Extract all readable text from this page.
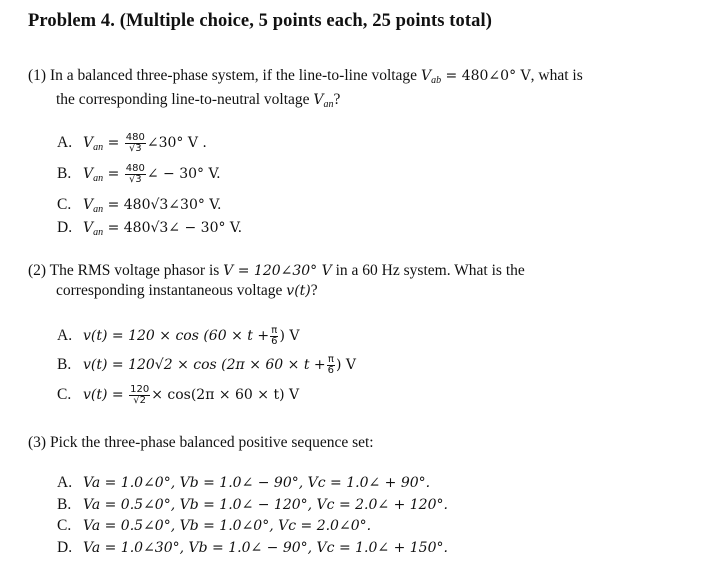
Problem 4. (Multiple choice, 5 points each, 25 points total)
(1) In a balanced three-phase system, if the line-to-line voltage $V_{ab}$ = 480∠0° V, what is
the corresponding line-to-neutral voltage $V_{an}$?
A. $V_{an} = \frac{480}{√3}$ ∠30° V .
B. $V_{an} = \frac{480}{√3}$ ∠ − 30° V.
C. $V_{an}$ = 480√3∠30° V.
D. $V_{an}$ = 480√3∠ − 30° V.
(2) The RMS voltage phasor is V = 120∠30° V in a 60 Hz system. What is the
corresponding instantaneous voltage v(t)?
A. $v(t) = 120 \times \cos (60 \times t + \frac{\pi}{6}$ ) V
B. $v(t) = 120√2 \times \cos (2\pi \times 60 \times t + \frac{\pi}{6}$ ) V
C. $v(t) = \frac{120}{√2} \times \cos(2\pi \times 60 \times t)$ V
(3) Pick the three-phase balanced positive sequence set:
A. Va = 1.0∠0°, Vb = 1.0∠ − 90°, Vc = 1.0∠ + 90°.
B. Va = 0.5∠0°, Vb = 1.0∠ − 120°, Vc = 2.0∠ + 120°.
C. Va = 0.5∠0°, Vb = 1.0∠0°, Vc = 2.0∠0°.
D. Va = 1.0∠30°, Vb = 1.0∠ − 90°, Vc = 1.0∠ + 150°.
